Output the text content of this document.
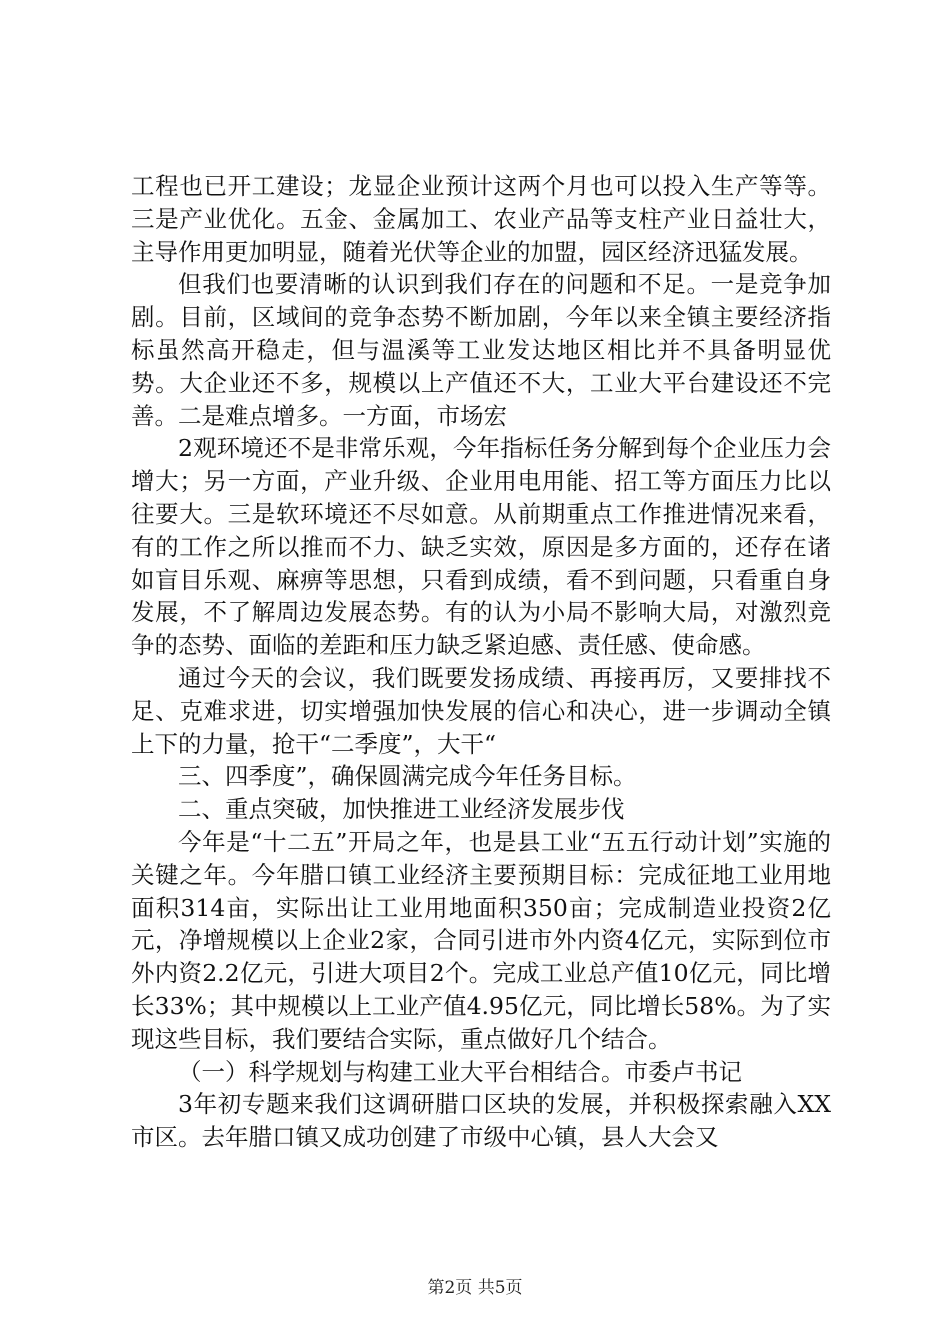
工程也已开工建设；龙显企业预计这两个月也可以投入生产等等。三是产业优化。五金、金属加工、农业产品等支柱产业日益壮大，主导作用更加明显，随着光伏等企业的加盟，园区经济迅猛发展。

但我们也要清晰的认识到我们存在的问题和不足。一是竞争加剧。目前，区域间的竞争态势不断加剧，今年以来全镇主要经济指标虽然高开稳走，但与温溪等工业发达地区相比并不具备明显优势。大企业还不多，规模以上产值还不大，工业大平台建设还不完善。二是难点增多。一方面，市场宏

2观环境还不是非常乐观，今年指标任务分解到每个企业压力会增大；另一方面，产业升级、企业用电用能、招工等方面压力比以往要大。三是软环境还不尽如意。从前期重点工作推进情况来看，有的工作之所以推而不力、缺乏实效，原因是多方面的，还存在诸如盲目乐观、麻痹等思想，只看到成绩，看不到问题，只看重自身发展，不了解周边发展态势。有的认为小局不影响大局，对激烈竞争的态势、面临的差距和压力缺乏紧迫感、责任感、使命感。

通过今天的会议，我们既要发扬成绩、再接再厉，又要排找不足、克难求进，切实增强加快发展的信心和决心，进一步调动全镇上下的力量，抢干“二季度”，大干“

三、四季度”，确保圆满完成今年任务目标。

二、重点突破，加快推进工业经济发展步伐

今年是“十二五”开局之年，也是县工业“五五行动计划”实施的关键之年。今年腊口镇工业经济主要预期目标：完成征地工业用地面积314亩，实际出让工业用地面积350亩；完成制造业投资2亿元，净增规模以上企业2家，合同引进市外内资4亿元，实际到位市外内资2.2亿元，引进大项目2个。完成工业总产值10亿元，同比增长33%；其中规模以上工业产值4.95亿元，同比增长58%。为了实现这些目标，我们要结合实际，重点做好几个结合。

（一）科学规划与构建工业大平台相结合。市委卢书记

3年初专题来我们这调研腊口区块的发展，并积极探索融入XX市区。去年腊口镇又成功创建了市级中心镇，县人大会又

第2页 共5页
